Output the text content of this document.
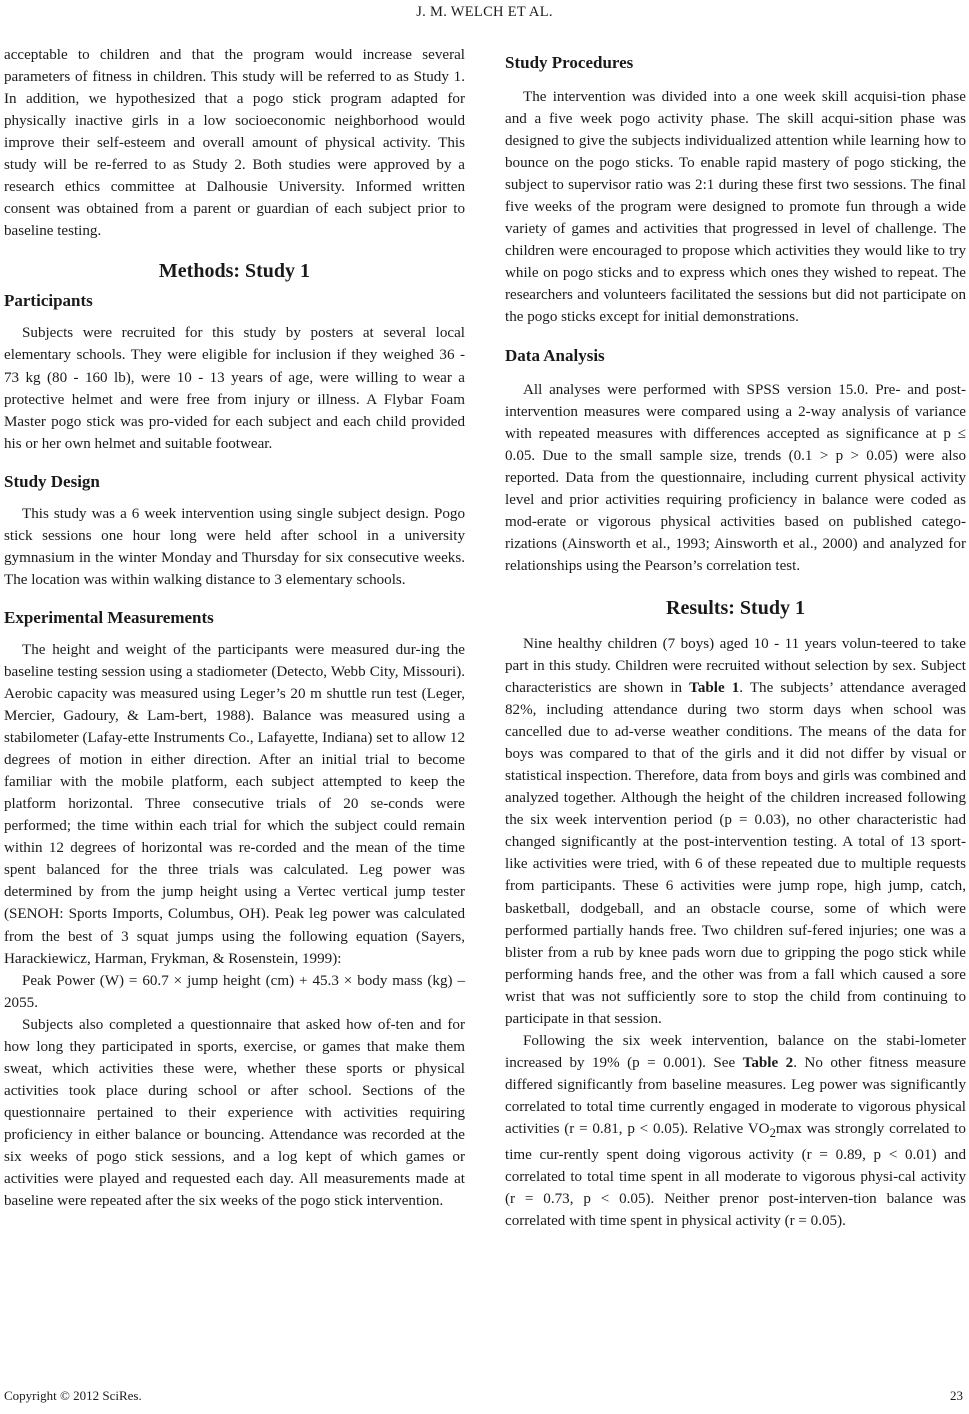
J. M. WELCH ET AL.

acceptable to children and that the program would increase several parameters of fitness in children. This study will be referred to as Study 1. In addition, we hypothesized that a pogo stick program adapted for physically inactive girls in a low socioeconomic neighborhood would improve their self-esteem and overall amount of physical activity. This study will be re-ferred to as Study 2. Both studies were approved by a research ethics committee at Dalhousie University. Informed written consent was obtained from a parent or guardian of each subject prior to baseline testing.

Methods: Study 1
Participants

Subjects were recruited for this study by posters at several local elementary schools. They were eligible for inclusion if they weighed 36 - 73 kg (80 - 160 lb), were 10 - 13 years of age, were willing to wear a protective helmet and were free from injury or illness. A Flybar Foam Master pogo stick was pro-vided for each subject and each child provided his or her own helmet and suitable footwear.

Study Design

This study was a 6 week intervention using single subject design. Pogo stick sessions one hour long were held after school in a university gymnasium in the winter Monday and Thursday for six consecutive weeks. The location was within walking distance to 3 elementary schools.

Experimental Measurements

The height and weight of the participants were measured dur-ing the baseline testing session using a stadiometer (Detecto, Webb City, Missouri). Aerobic capacity was measured using Leger’s 20 m shuttle run test (Leger, Mercier, Gadoury, & Lam-bert, 1988). Balance was measured using a stabilometer (Lafay-ette Instruments Co., Lafayette, Indiana) set to allow 12 degrees of motion in either direction. After an initial trial to become familiar with the mobile platform, each subject attempted to keep the platform horizontal. Three consecutive trials of 20 se-conds were performed; the time within each trial for which the subject could remain within 12 degrees of horizontal was re-corded and the mean of the time spent balanced for the three trials was calculated. Leg power was determined by from the jump height using a Vertec vertical jump tester (SENOH: Sports Imports, Columbus, OH). Peak leg power was calculated from the best of 3 squat jumps using the following equation (Sayers, Harackiewicz, Harman, Frykman, & Rosenstein, 1999):

Peak Power (W) = 60.7 × jump height (cm) + 45.3 × body mass (kg) – 2055.

Subjects also completed a questionnaire that asked how of-ten and for how long they participated in sports, exercise, or games that make them sweat, which activities these were, whether these sports or physical activities took place during school or after school. Sections of the questionnaire pertained to their experience with activities requiring proficiency in either balance or bouncing. Attendance was recorded at the six weeks of pogo stick sessions, and a log kept of which games or activities were played and requested each day. All measurements made at baseline were repeated after the six weeks of the pogo stick intervention.

Study Procedures

The intervention was divided into a one week skill acquisi-tion phase and a five week pogo activity phase. The skill acqui-sition phase was designed to give the subjects individualized attention while learning how to bounce on the pogo sticks. To enable rapid mastery of pogo sticking, the subject to supervisor ratio was 2:1 during these first two sessions. The final five weeks of the program were designed to promote fun through a wide variety of games and activities that progressed in level of challenge. The children were encouraged to propose which activities they would like to try while on pogo sticks and to express which ones they wished to repeat. The researchers and volunteers facilitated the sessions but did not participate on the pogo sticks except for initial demonstrations.

Data Analysis

All analyses were performed with SPSS version 15.0. Pre- and post-intervention measures were compared using a 2-way analysis of variance with repeated measures with differences accepted as significance at p ≤ 0.05. Due to the small sample size, trends (0.1 > p > 0.05) were also reported. Data from the questionnaire, including current physical activity level and prior activities requiring proficiency in balance were coded as mod-erate or vigorous physical activities based on published catego-rizations (Ainsworth et al., 1993; Ainsworth et al., 2000) and analyzed for relationships using the Pearson’s correlation test.

Results: Study 1

Nine healthy children (7 boys) aged 10 - 11 years volun-teered to take part in this study. Children were recruited without selection by sex. Subject characteristics are shown in Table 1. The subjects’ attendance averaged 82%, including attendance during two storm days when school was cancelled due to ad-verse weather conditions. The means of the data for boys was compared to that of the girls and it did not differ by visual or statistical inspection. Therefore, data from boys and girls was combined and analyzed together. Although the height of the children increased following the six week intervention period (p = 0.03), no other characteristic had changed significantly at the post-intervention testing. A total of 13 sport-like activities were tried, with 6 of these repeated due to multiple requests from participants. These 6 activities were jump rope, high jump, catch, basketball, dodgeball, and an obstacle course, some of which were performed partially hands free. Two children suf-fered injuries; one was a blister from a rub by knee pads worn due to gripping the pogo stick while performing hands free, and the other was from a fall which caused a sore wrist that was not sufficiently sore to stop the child from continuing to participate in that session.

Following the six week intervention, balance on the stabi-lometer increased by 19% (p = 0.001). See Table 2. No other fitness measure differed significantly from baseline measures. Leg power was significantly correlated to total time currently engaged in moderate to vigorous physical activities (r = 0.81, p < 0.05). Relative $VO_2\max$ was strongly correlated to time cur-rently spent doing vigorous activity (r = 0.89, p < 0.01) and correlated to total time spent in all moderate to vigorous physi-cal activity (r = 0.73, p < 0.05). Neither prenor post-interven-tion balance was correlated with time spent in physical activity (r = 0.05).

Copyright © 2012 SciRes.	23
